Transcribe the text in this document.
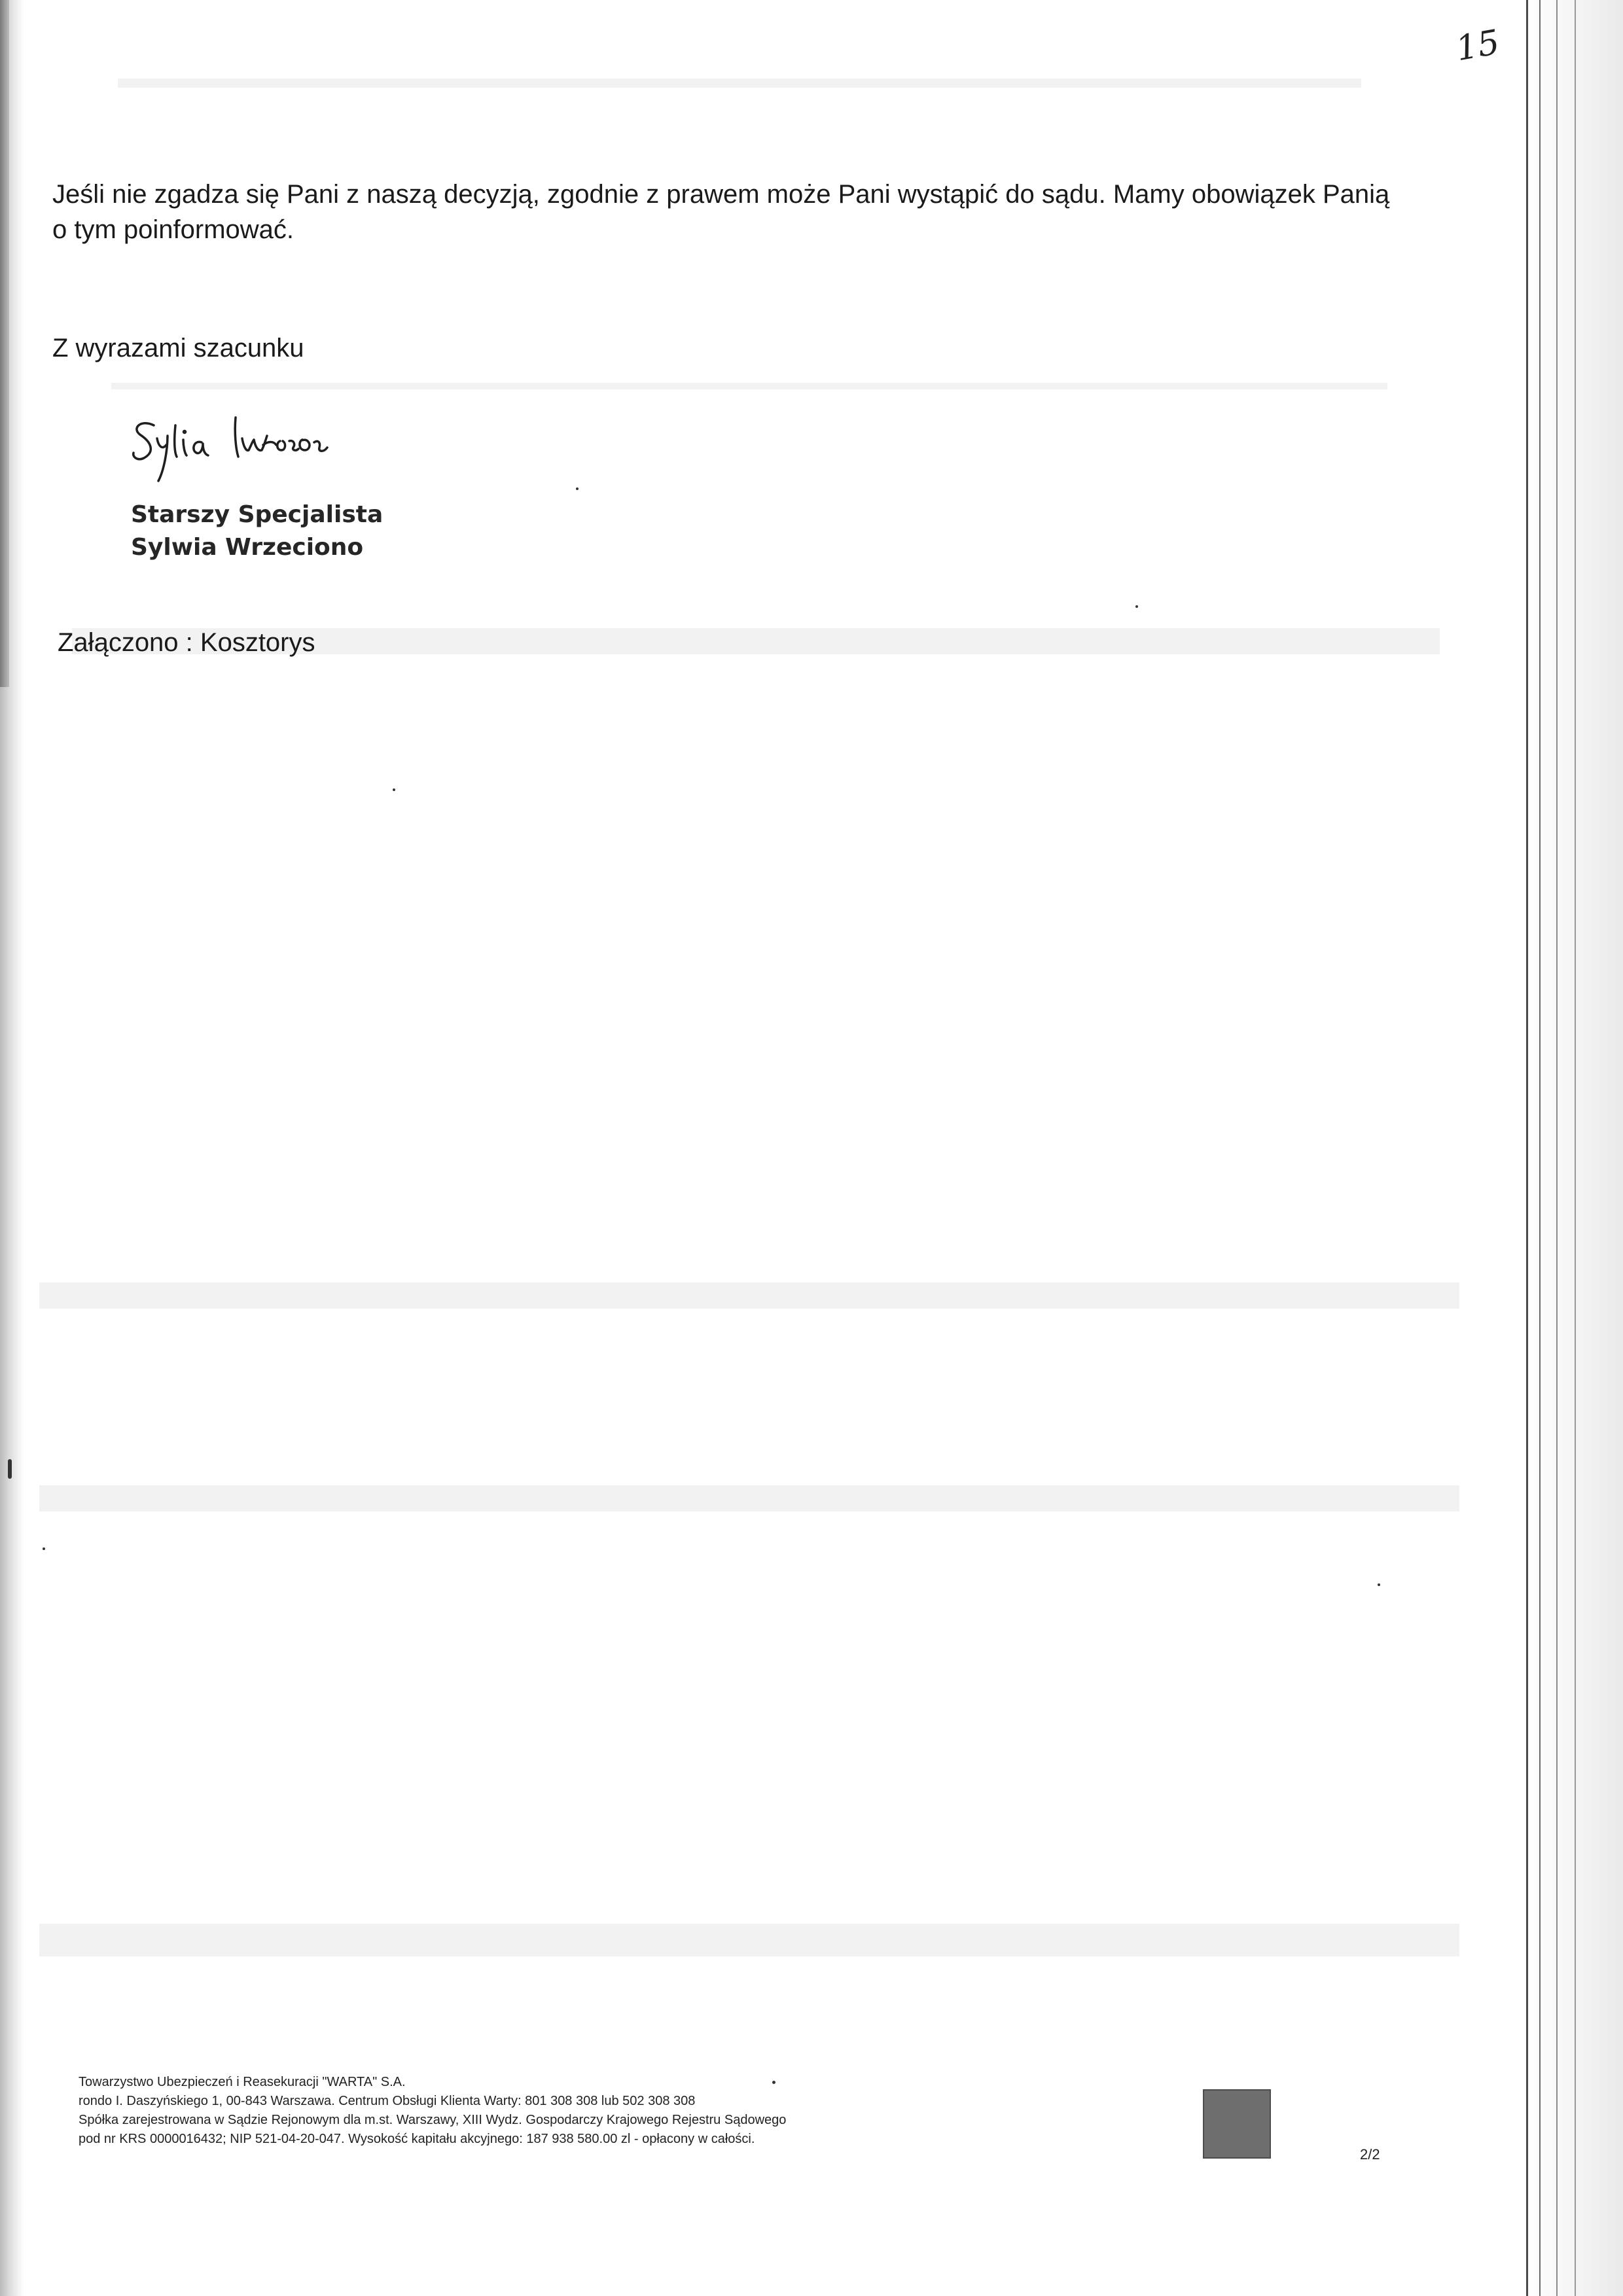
15
Jeśli nie zgadza się Pani z naszą decyzją, zgodnie z prawem może Pani wystąpić do sądu. Mamy obowiązek Panią
o tym poinformować.
Z wyrazami szacunku
Starszy Specjalista
Sylwia Wrzeciono
Załączono : Kosztorys
Towarzystwo Ubezpieczeń i Reasekuracji "WARTA" S.A.
rondo I. Daszyńskiego 1, 00-843 Warszawa. Centrum Obsługi Klienta Warty: 801 308 308 lub 502 308 308
Spółka zarejestrowana w Sądzie Rejonowym dla m.st. Warszawy, XIII Wydz. Gospodarczy Krajowego Rejestru Sądowego
pod nr KRS 0000016432; NIP 521-04-20-047. Wysokość kapitału akcyjnego: 187 938 580.00 zl - opłacony w całości.
2/2
